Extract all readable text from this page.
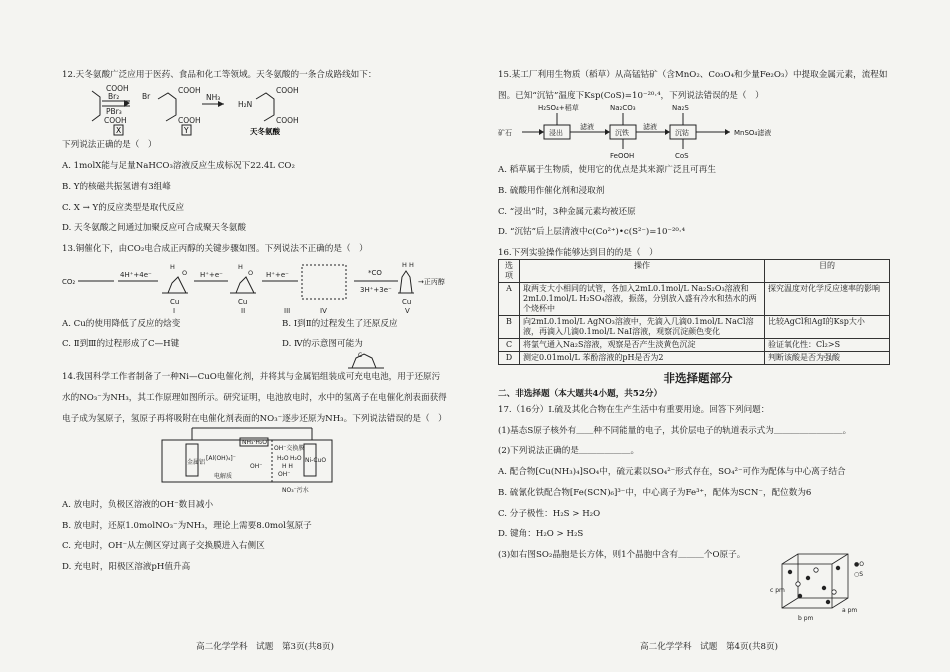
12.天冬氨酸广泛应用于医药、食品和化工等领域。天冬氨酸的一条合成路线如下：

COOH
COOH
Br₂
PBr₃
Br
COOH
COOH
NH₃
H₂N
COOH
COOH
X	Y	天冬氨酸

下列说法正确的是（　）

A. 1molX能与足量NaHCO₃溶液反应生成标况下22.4L CO₂

B. Y的核磁共振氢谱有3组峰

C. X → Y的反应类型是取代反应

D. 天冬氨酸之间通过加聚反应可合成聚天冬氨酸

13.铜催化下，由CO₂电合成正丙醇的关键步骤如图。下列说法不正确的是（　）

CO₂
4H⁺+4e⁻	H⁺+e⁻	H⁺+e⁻	*CO
3H⁺+3e⁻
→正丙醇
H
O
H
O
H H
Cu	Cu	Cu
I	II	III	IV	V
A. Cu的使用降低了反应的焓变	B. Ⅰ到Ⅱ的过程发生了还原反应
C. Ⅱ到Ⅲ的过程形成了C—H键	D. Ⅳ的示意图可能为
C

14.我国科学工作者制备了一种Ni—CuO电催化剂，并将其与金属铝组装成可充电电池，用于还原污

水的NO₃⁻为NH₃，其工作原理如图所示。研究证明，电池放电时，水中的氢离子在电催化剂表面获得

电子成为氢原子，氢原子再将吸附在电催化剂表面的NO₃⁻逐步还原为NH₃。下列说法错误的是（　）

金属铝
OH⁻交换膜
电解质
[Al(OH)₄]⁻
NH₃·H₂O
H₂O H₂O
H H
OH⁻
OH⁻
Ni-CuO
NO₃⁻污水

A. 放电时，负极区溶液的OH⁻数目减小

B. 放电时，还原1.0molNO₃⁻为NH₃，理论上需要8.0mol氢原子

C. 充电时，OH⁻从左侧区穿过离子交换膜进入右侧区

D. 充电时，阳极区溶液pH值升高

15.某工厂利用生物质（稻草）从高锰钴矿（含MnO₂、Co₃O₄和少量Fe₂O₃）中提取金属元素，流程如

图。已知“沉钴”温度下Ksp(CoS)=10⁻²⁰·⁴，下列说法错误的是（　）

矿石	浸出	沉铁	沉钴
H₂SO₄+稻草	Na₂CO₃	Na₂S
滤液	滤液
MnSO₄滤液
FeOOH	CoS

A. 稻草属于生物质，使用它的优点是其来源广泛且可再生

B. 硫酸用作催化剂和浸取剂

C. “浸出”时，3种金属元素均被还原

D. “沉钴”后上层清液中c(Co²⁺)•c(S²⁻)=10⁻²⁰·⁴

16.下列实验操作能够达到目的的是（　）

选项	操作	目的
A	取两支大小相同的试管，各加入2mL0.1mol/L Na₂S₂O₃溶液和2mL0.1mol/L H₂SO₄溶液，振荡，分别放入盛有冷水和热水的两个烧杯中	探究温度对化学反应速率的影响
B	向2mL0.1mol/L AgNO₃溶液中，先滴入几滴0.1mol/L NaCl溶液，再滴入几滴0.1mol/L NaI溶液，观察沉淀颜色变化	比较AgCl和AgI的Ksp大小
C	将氯气通入Na₂S溶液，观察是否产生淡黄色沉淀	验证氧化性：Cl₂>S
D	测定0.01mol/L 苯酚溶液的pH是否为2	判断该酸是否为强酸
非选择题部分

二、非选择题（本大题共4小题，共52分）

17.（16分）Ⅰ.硫及其化合物在生产生活中有重要用途。回答下列问题：

(1)基态S原子核外有＿＿种不同能量的电子，其价层电子的轨道表示式为＿＿＿＿＿＿＿＿。

(2)下列说法正确的是＿＿＿＿＿＿。

A. 配合物[Cu(NH₃)₄]SO₄中，硫元素以SO₄²⁻形式存在，SO₄²⁻可作为配体与中心离子结合

B. 硫氰化铁配合物[Fe(SCN)₆]³⁻中，中心离子为Fe³⁺，配体为SCN⁻，配位数为6

C. 分子极性：H₂S > H₂O

D. 键角：H₂O > H₂S

(3)如右图SO₂晶胞是长方体，则1个晶胞中含有＿＿＿个O原子。

●O
○S
a pm
c pm
b pm
高二化学学科　试题　第3页(共8页)	高二化学学科　试题　第4页(共8页)
